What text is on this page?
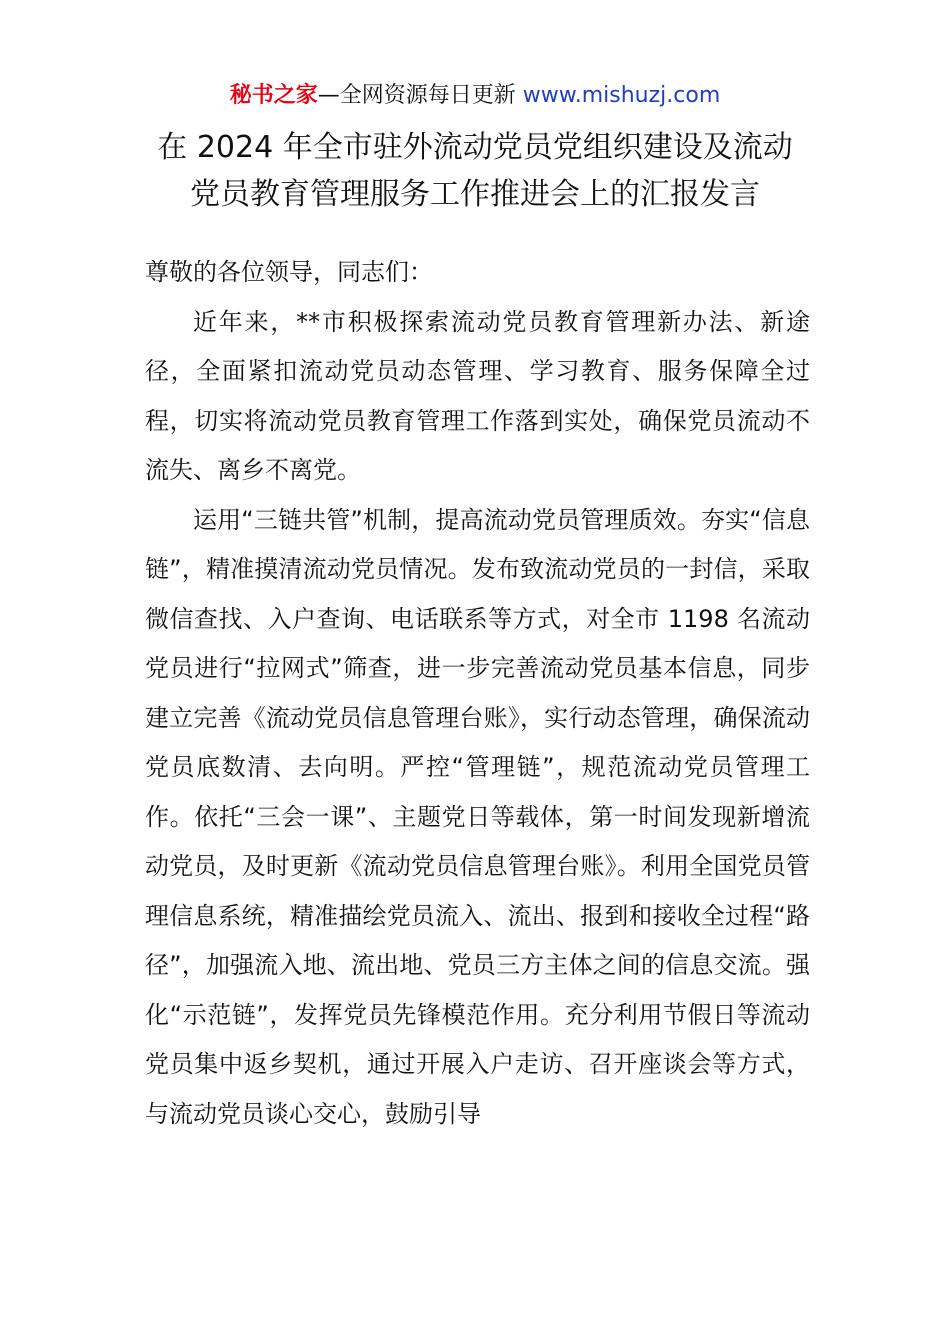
秘书之家—全网资源每日更新 www.mishuzj.com
在 2024 年全市驻外流动党员党组织建设及流动
党员教育管理服务工作推进会上的汇报发言

尊敬的各位领导，同志们：

近年来，**市积极探索流动党员教育管理新办法、新途径，全面紧扣流动党员动态管理、学习教育、服务保障全过程，切实将流动党员教育管理工作落到实处，确保党员流动不流失、离乡不离党。

运用“三链共管”机制，提高流动党员管理质效。夯实“信息链”，精准摸清流动党员情况。发布致流动党员的一封信，采取微信查找、入户查询、电话联系等方式，对全市 1198 名流动党员进行“拉网式”筛查，进一步完善流动党员基本信息，同步建立完善《流动党员信息管理台账》，实行动态管理，确保流动党员底数清、去向明。严控“管理链”，规范流动党员管理工作。依托“三会一课”、主题党日等载体，第一时间发现新增流动党员，及时更新《流动党员信息管理台账》。利用全国党员管理信息系统，精准描绘党员流入、流出、报到和接收全过程“路径”，加强流入地、流出地、党员三方主体之间的信息交流。强化“示范链”，发挥党员先锋模范作用。充分利用节假日等流动党员集中返乡契机，通过开展入户走访、召开座谈会等方式，与流动党员谈心交心，鼓励引导
